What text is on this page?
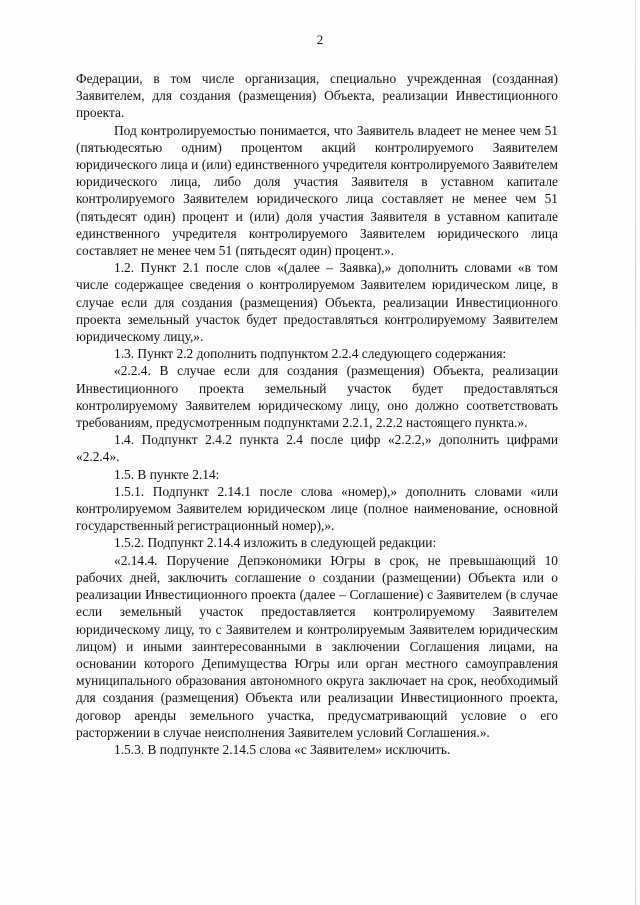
2

Федерации, в том числе организация, специально учрежденная (созданная) Заявителем, для создания (размещения) Объекта, реализации Инвестиционного проекта.

Под контролируемостью понимается, что Заявитель владеет не менее чем 51 (пятьюдесятью одним) процентом акций контролируемого Заявителем юридического лица и (или) единственного учредителя контролируемого Заявителем юридического лица, либо доля участия Заявителя в уставном капитале контролируемого Заявителем юридического лица составляет не менее чем 51 (пятьдесят один) процент и (или) доля участия Заявителя в уставном капитале единственного учредителя контролируемого Заявителем юридического лица составляет не менее чем 51 (пятьдесят один) процент.».

1.2. Пункт 2.1 после слов «(далее – Заявка),» дополнить словами «в том числе содержащее сведения о контролируемом Заявителем юридическом лице, в случае если для создания (размещения) Объекта, реализации Инвестиционного проекта земельный участок будет предоставляться контролируемому Заявителем юридическому лицу,».

1.3. Пункт 2.2 дополнить подпунктом 2.2.4 следующего содержания:

«2.2.4. В случае если для создания (размещения) Объекта, реализации Инвестиционного проекта земельный участок будет предоставляться контролируемому Заявителем юридическому лицу, оно должно соответствовать требованиям, предусмотренным подпунктами 2.2.1, 2.2.2 настоящего пункта.».

1.4. Подпункт 2.4.2 пункта 2.4 после цифр «2.2.2,» дополнить цифрами «2.2.4».

1.5. В пункте 2.14:

1.5.1. Подпункт 2.14.1 после слова «номер),» дополнить словами «или контролируемом Заявителем юридическом лице (полное наименование, основной государственный регистрационный номер),».

1.5.2. Подпункт 2.14.4 изложить в следующей редакции:

«2.14.4. Поручение Депэкономики Югры в срок, не превышающий 10 рабочих дней, заключить соглашение о создании (размещении) Объекта или о реализации Инвестиционного проекта (далее – Соглашение) с Заявителем (в случае если земельный участок предоставляется контролируемому Заявителем юридическому лицу, то с Заявителем и контролируемым Заявителем юридическим лицом) и иными заинтересованными в заключении Соглашения лицами, на основании которого Депимущества Югры или орган местного самоуправления муниципального образования автономного округа заключает на срок, необходимый для создания (размещения) Объекта или реализации Инвестиционного проекта, договор аренды земельного участка, предусматривающий условие о его расторжении в случае неисполнения Заявителем условий Соглашения.».

1.5.3. В подпункте 2.14.5 слова «с Заявителем» исключить.
